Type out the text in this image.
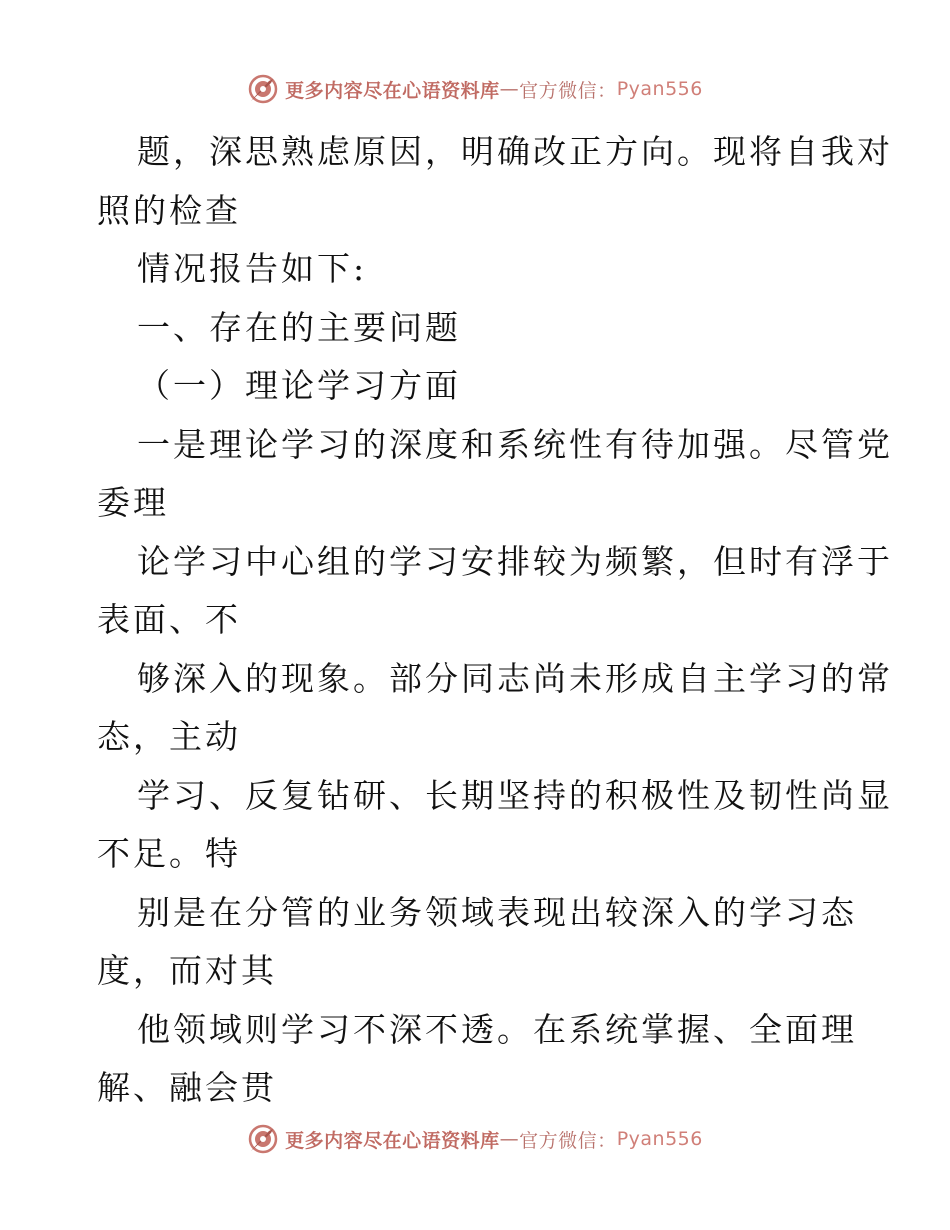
更多内容尽在心语资料库 — 官方微信： Pyan556
题，深思熟虑原因，明确改正方向。现将自我对
照的检查
情况报告如下:
一、存在的主要问题
（一）理论学习方面
一是理论学习的深度和系统性有待加强。尽管党
委理
论学习中心组的学习安排较为频繁，但时有浮于
表面、不
够深入的现象。部分同志尚未形成自主学习的常
态，主动
学习、反复钻研、长期坚持的积极性及韧性尚显
不足。特
别是在分管的业务领域表现出较深入的学习态
度，而对其
他领域则学习不深不透。在系统掌握、全面理
解、融会贯
更多内容尽在心语资料库 — 官方微信： Pyan556
